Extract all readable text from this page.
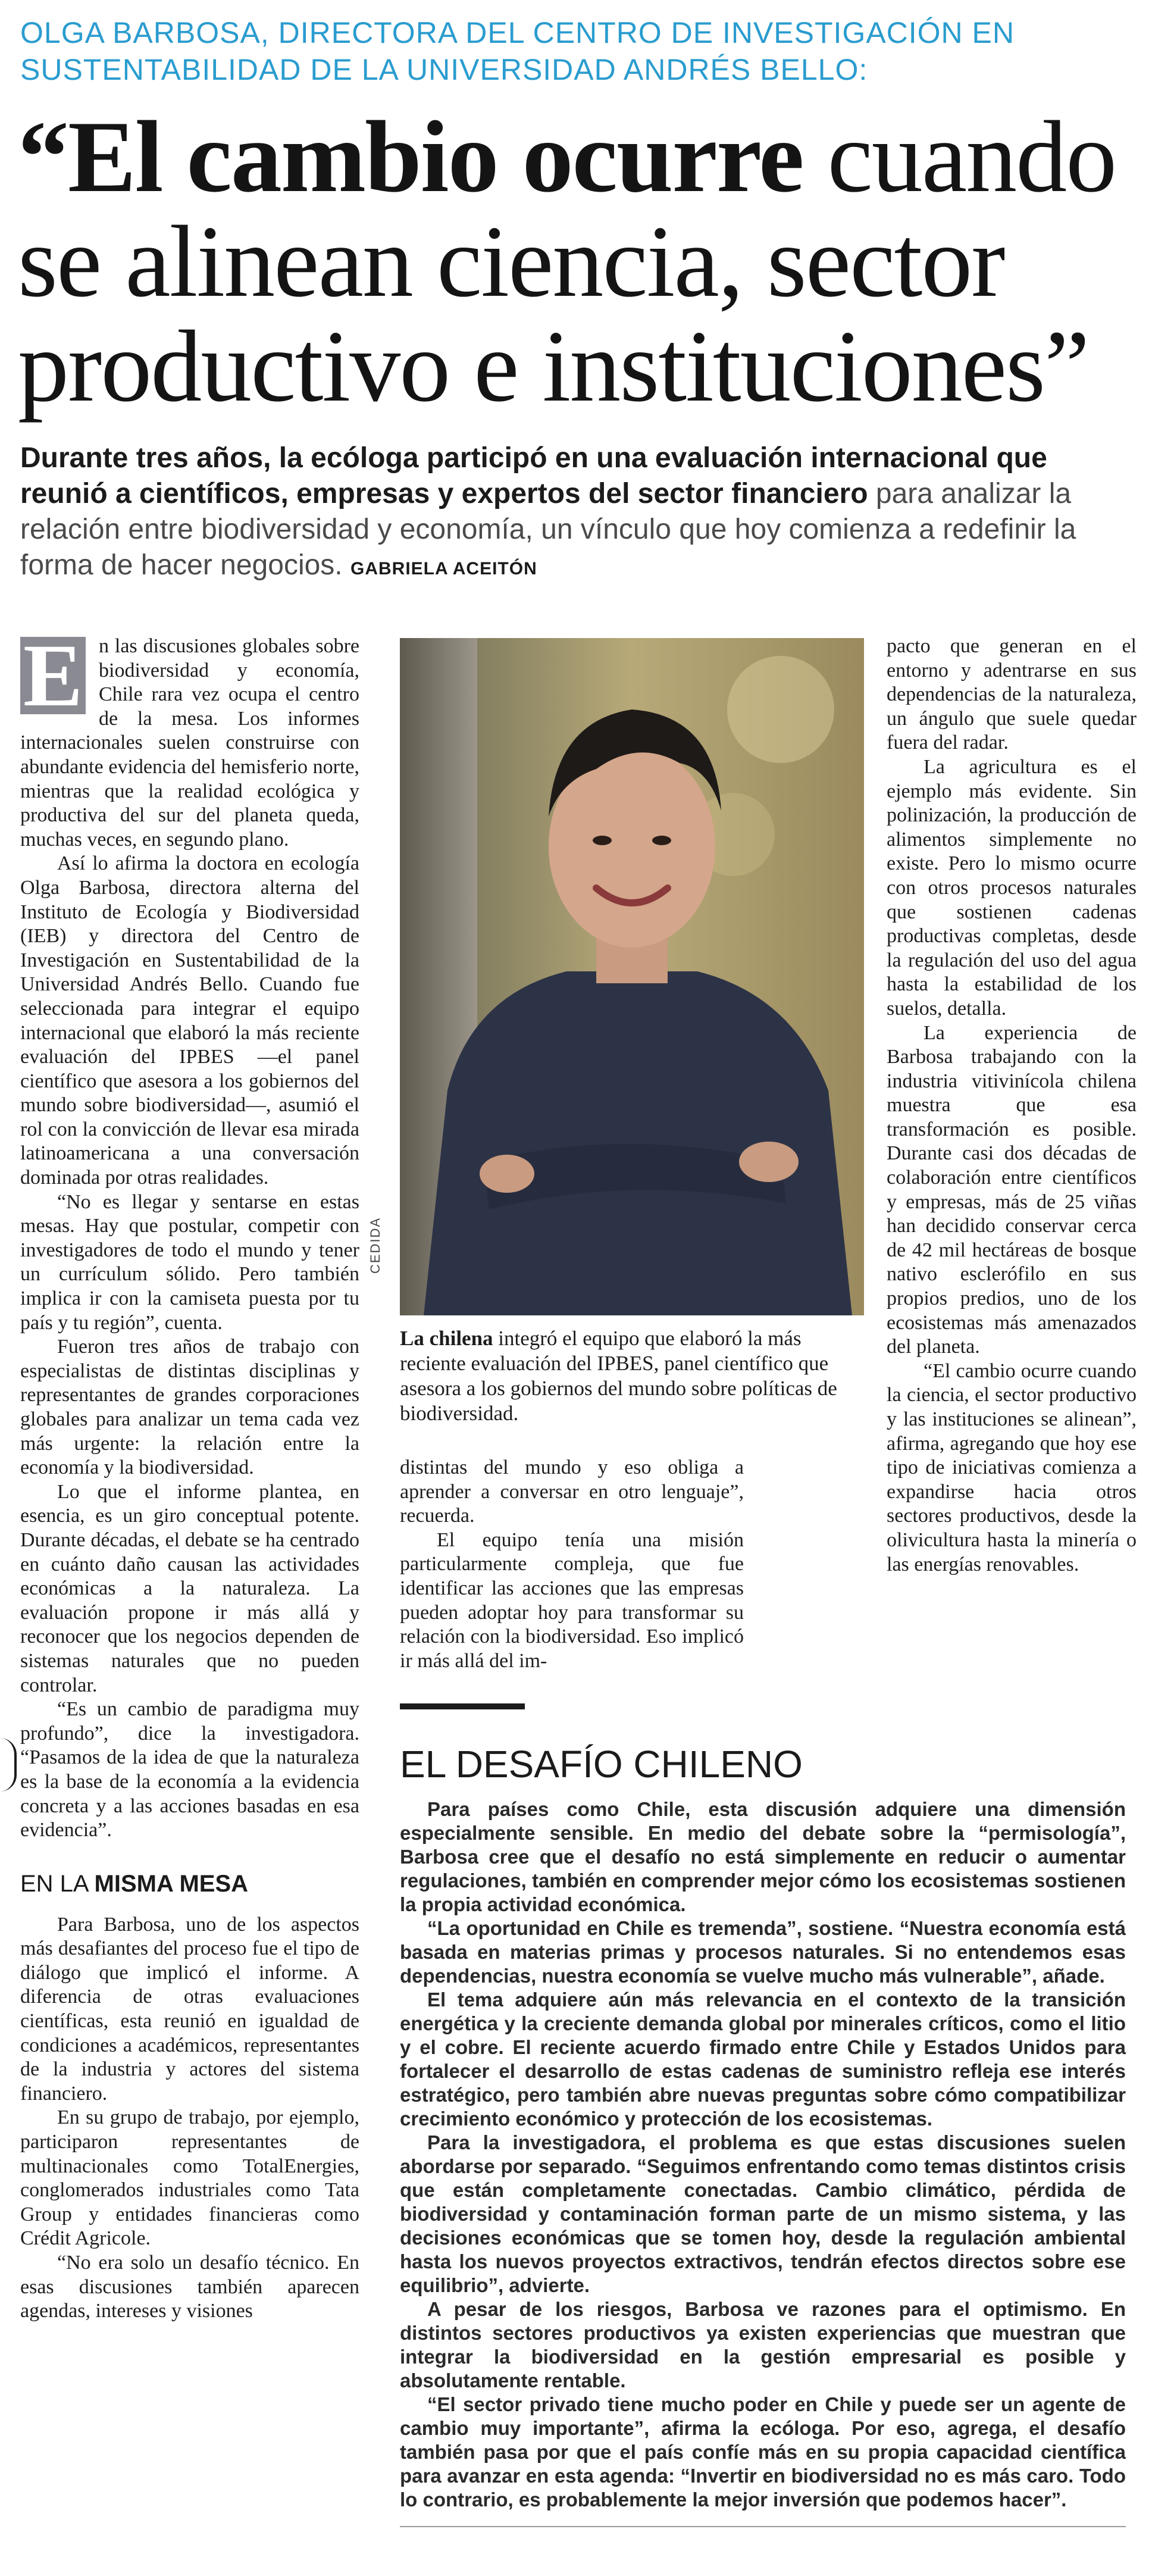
OLGA BARBOSA, DIRECTORA DEL CENTRO DE INVESTIGACIÓN EN SUSTENTABILIDAD DE LA UNIVERSIDAD ANDRÉS BELLO:
“El cambio ocurre cuando se alinean ciencia, sector productivo e instituciones”
Durante tres años, la ecóloga participó en una evaluación internacional que reunió a científicos, empresas y expertos del sector financiero para analizar la relación entre biodiversidad y economía, un vínculo que hoy comienza a redefinir la forma de hacer negocios. GABRIELA ACEITÓN
E n las discusiones globales sobre biodiversidad y economía, Chile rara vez ocupa el centro de la mesa. Los informes internacionales suelen construirse con abundante evidencia del hemisferio norte, mientras que la realidad ecológica y productiva del sur del planeta queda, muchas veces, en segundo plano.

Así lo afirma la doctora en ecología Olga Barbosa, directora alterna del Instituto de Ecología y Biodiversidad (IEB) y directora del Centro de Investigación en Sustentabilidad de la Universidad Andrés Bello. Cuando fue seleccionada para integrar el equipo internacional que elaboró la más reciente evaluación del IPBES —el panel científico que asesora a los gobiernos del mundo sobre biodiversidad—, asumió el rol con la convicción de llevar esa mirada latinoamericana a una conversación dominada por otras realidades.

“No es llegar y sentarse en estas mesas. Hay que postular, competir con investigadores de todo el mundo y tener un currículum sólido. Pero también implica ir con la camiseta puesta por tu país y tu región”, cuenta.

Fueron tres años de trabajo con especialistas de distintas disciplinas y representantes de grandes corporaciones globales para analizar un tema cada vez más urgente: la relación entre la economía y la biodiversidad.

Lo que el informe plantea, en esencia, es un giro conceptual potente. Durante décadas, el debate se ha centrado en cuánto daño causan las actividades económicas a la naturaleza. La evaluación propone ir más allá y reconocer que los negocios dependen de sistemas naturales que no pueden controlar.

“Es un cambio de paradigma muy profundo”, dice la investigadora. “Pasamos de la idea de que la naturaleza es la base de la economía a la evidencia concreta y a las acciones basadas en esa evidencia”.

EN LA MISMA MESA

Para Barbosa, uno de los aspectos más desafiantes del proceso fue el tipo de diálogo que implicó el informe. A diferencia de otras evaluaciones científicas, esta reunió en igualdad de condiciones a académicos, representantes de la industria y actores del sistema financiero.

En su grupo de trabajo, por ejemplo, participaron representantes de multinacionales como TotalEnergies, conglomerados industriales como Tata Group y entidades financieras como Crédit Agricole.

“No era solo un desafío técnico. En esas discusiones también aparecen agendas, intereses y visiones

CEDIDA
La chilena integró el equipo que elaboró la más reciente evaluación del IPBES, panel científico que asesora a los gobiernos del mundo sobre políticas de biodiversidad.

distintas del mundo y eso obliga a aprender a conversar en otro lenguaje”, recuerda.

El equipo tenía una misión particularmente compleja, que fue identificar las acciones que las empresas pueden adoptar hoy para transformar su relación con la biodiversidad. Eso implicó ir más allá del im-

pacto que generan en el entorno y adentrarse en sus dependencias de la naturaleza, un ángulo que suele quedar fuera del radar.

La agricultura es el ejemplo más evidente. Sin polinización, la producción de alimentos simplemente no existe. Pero lo mismo ocurre con otros procesos naturales que sostienen cadenas productivas completas, desde la regulación del uso del agua hasta la estabilidad de los suelos, detalla.

La experiencia de Barbosa trabajando con la industria vitivinícola chilena muestra que esa transformación es posible. Durante casi dos décadas de colaboración entre científicos y empresas, más de 25 viñas han decidido conservar cerca de 42 mil hectáreas de bosque nativo esclerófilo en sus propios predios, uno de los ecosistemas más amenazados del planeta.

“El cambio ocurre cuando la ciencia, el sector productivo y las instituciones se alinean”, afirma, agregando que hoy ese tipo de iniciativas comienza a expandirse hacia otros sectores productivos, desde la olivicultura hasta la minería o las energías renovables.

EL DESAFÍO CHILENO

Para países como Chile, esta discusión adquiere una dimensión especialmente sensible. En medio del debate sobre la “permisología”, Barbosa cree que el desafío no está simplemente en reducir o aumentar regulaciones, también en comprender mejor cómo los ecosistemas sostienen la propia actividad económica.

“La oportunidad en Chile es tremenda”, sostiene. “Nuestra economía está basada en materias primas y procesos naturales. Si no entendemos esas dependencias, nuestra economía se vuelve mucho más vulnerable”, añade.

El tema adquiere aún más relevancia en el contexto de la transición energética y la creciente demanda global por minerales críticos, como el litio y el cobre. El reciente acuerdo firmado entre Chile y Estados Unidos para fortalecer el desarrollo de estas cadenas de suministro refleja ese interés estratégico, pero también abre nuevas preguntas sobre cómo compatibilizar crecimiento económico y protección de los ecosistemas.

Para la investigadora, el problema es que estas discusiones suelen abordarse por separado. “Seguimos enfrentando como temas distintos crisis que están completamente conectadas. Cambio climático, pérdida de biodiversidad y contaminación forman parte de un mismo sistema, y las decisiones económicas que se tomen hoy, desde la regulación ambiental hasta los nuevos proyectos extractivos, tendrán efectos directos sobre ese equilibrio”, advierte.

A pesar de los riesgos, Barbosa ve razones para el optimismo. En distintos sectores productivos ya existen experiencias que muestran que integrar la biodiversidad en la gestión empresarial es posible y absolutamente rentable.

“El sector privado tiene mucho poder en Chile y puede ser un agente de cambio muy importante”, afirma la ecóloga. Por eso, agrega, el desafío también pasa por que el país confíe más en su propia capacidad científica para avanzar en esta agenda: “Invertir en biodiversidad no es más caro. Todo lo contrario, es probablemente la mejor inversión que podemos hacer”.
